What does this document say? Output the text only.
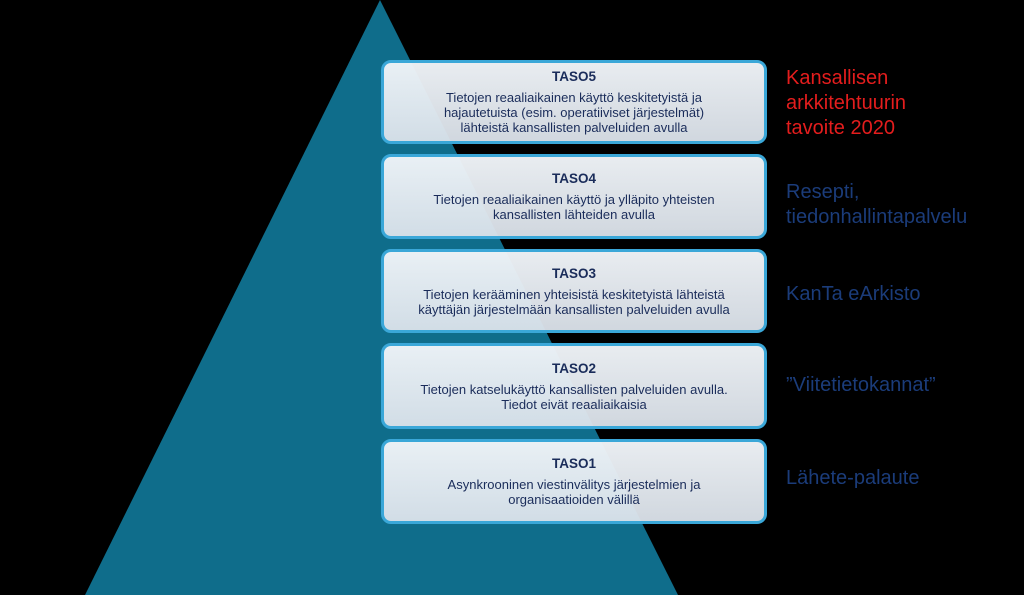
TASO5
Tietojen reaaliaikainen käyttö keskitetyistä ja
hajautetuista (esim. operatiiviset järjestelmät)
lähteistä kansallisten palveluiden avulla
Kansallisen
arkkitehtuurin
tavoite 2020
TASO4
Tietojen reaaliaikainen käyttö ja ylläpito yhteisten
kansallisten lähteiden avulla
Resepti,
tiedonhallintapalvelu
TASO3
Tietojen kerääminen yhteisistä keskitetyistä lähteistä
käyttäjän järjestelmään kansallisten palveluiden avulla
KanTa eArkisto
TASO2
Tietojen katselukäyttö kansallisten palveluiden avulla.
Tiedot eivät reaaliaikaisia
”Viitetietokannat”
TASO1
Asynkrooninen viestinvälitys järjestelmien ja
organisaatioiden välillä
Lähete-palaute
